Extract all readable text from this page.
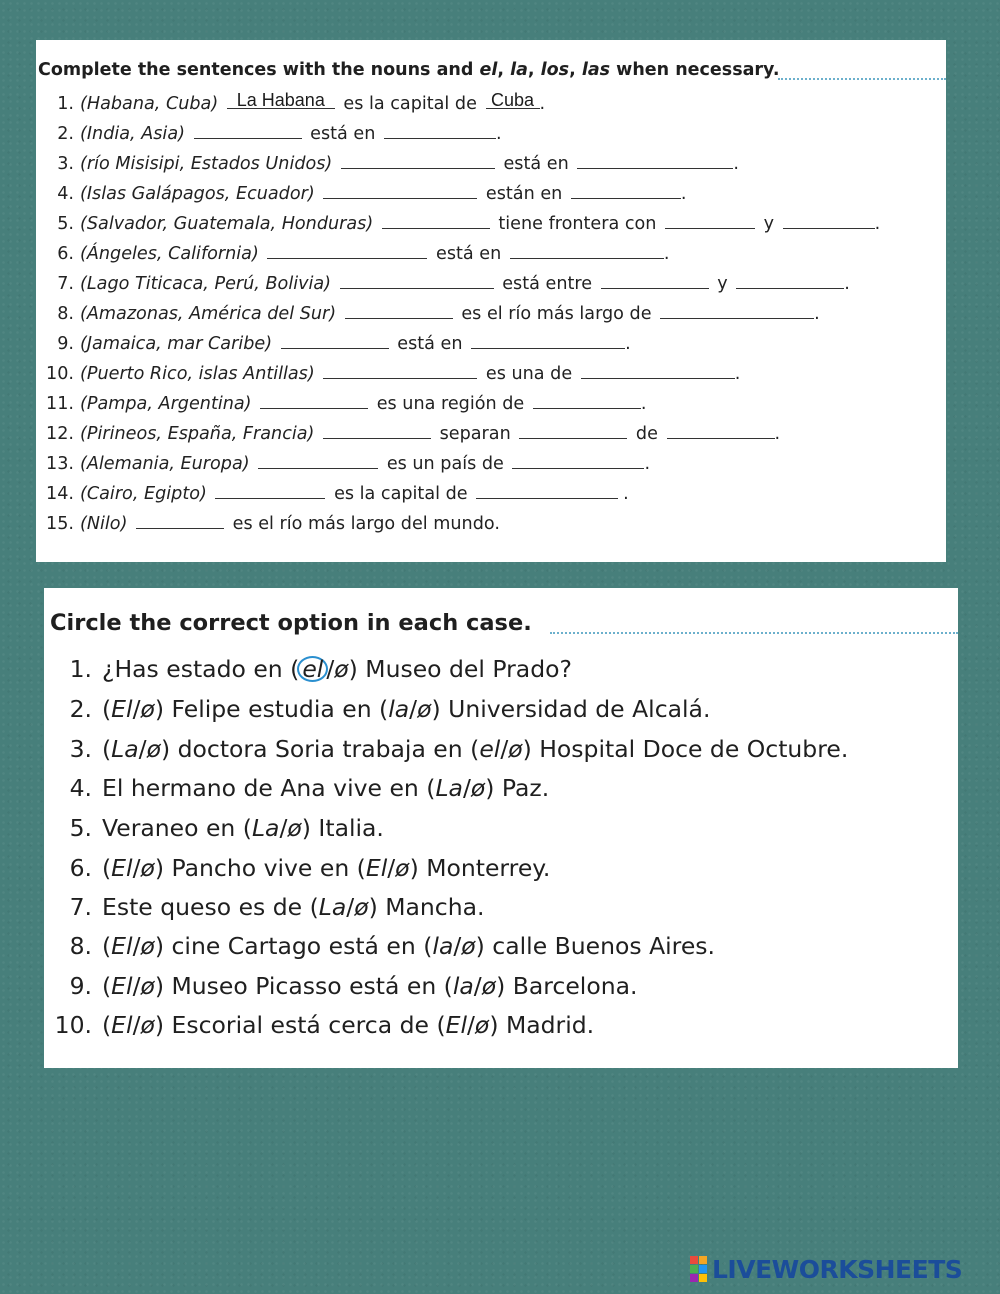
Complete the sentences with the nouns and el, la, los, las when necessary.
1. (Habana, Cuba) La Habana es la capital de Cuba .
2. (India, Asia)	está en	.
3. (río Misisipi, Estados Unidos)	está en	.
4. (Islas Galápagos, Ecuador)	están en	.
5. (Salvador, Guatemala, Honduras)	tiene frontera con	y	.
6. (Ángeles, California)	está en	.
7. (Lago Titicaca, Perú, Bolivia)	está entre	y	.
8. (Amazonas, América del Sur)	es el río más largo de	.
9. (Jamaica, mar Caribe)	está en	.
10. (Puerto Rico, islas Antillas)	es una de	.
11. (Pampa, Argentina)	es una región de	.
12. (Pirineos, España, Francia)	separan	de	.
13. (Alemania, Europa)	es un país de	.
14. (Cairo, Egipto)	es la capital de	.
15. (Nilo)	es el río más largo del mundo.
Circle the correct option in each case.
1. ¿Has estado en ( el /ø) Museo del Prado?
2. (El/ø) Felipe estudia en (la/ø) Universidad de Alcalá.
3. (La/ø) doctora Soria trabaja en (el/ø) Hospital Doce de Octubre.
4. El hermano de Ana vive en (La/ø) Paz.
5. Veraneo en (La/ø) Italia.
6. (El/ø) Pancho vive en (El/ø) Monterrey.
7. Este queso es de (La/ø) Mancha.
8. (El/ø) cine Cartago está en (la/ø) calle Buenos Aires.
9. (El/ø) Museo Picasso está en (la/ø) Barcelona.
10. (El/ø) Escorial está cerca de (El/ø) Madrid.
LIVEWORKSHEETS
